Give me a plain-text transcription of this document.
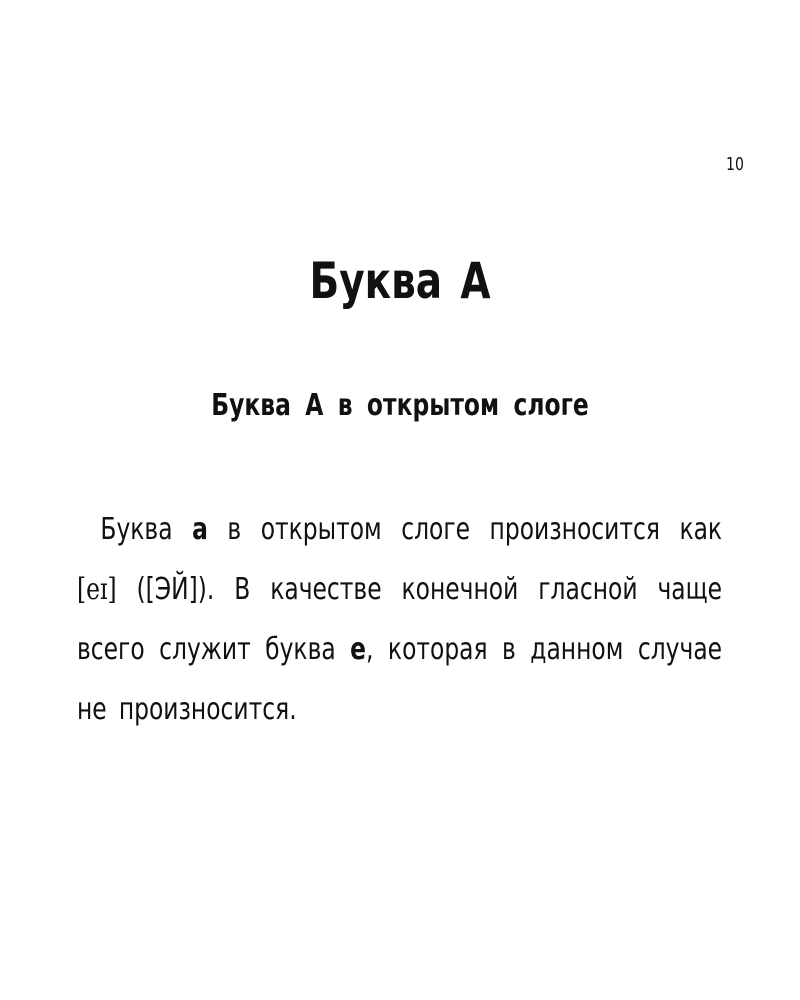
10
Буква А
Буква А в открытом слоге

Буква a в открытом слоге произносится как [eɪ] ([ЭЙ]). В качестве конечной гласной чаще всего служит буква e, которая в данном случае не произносится.
